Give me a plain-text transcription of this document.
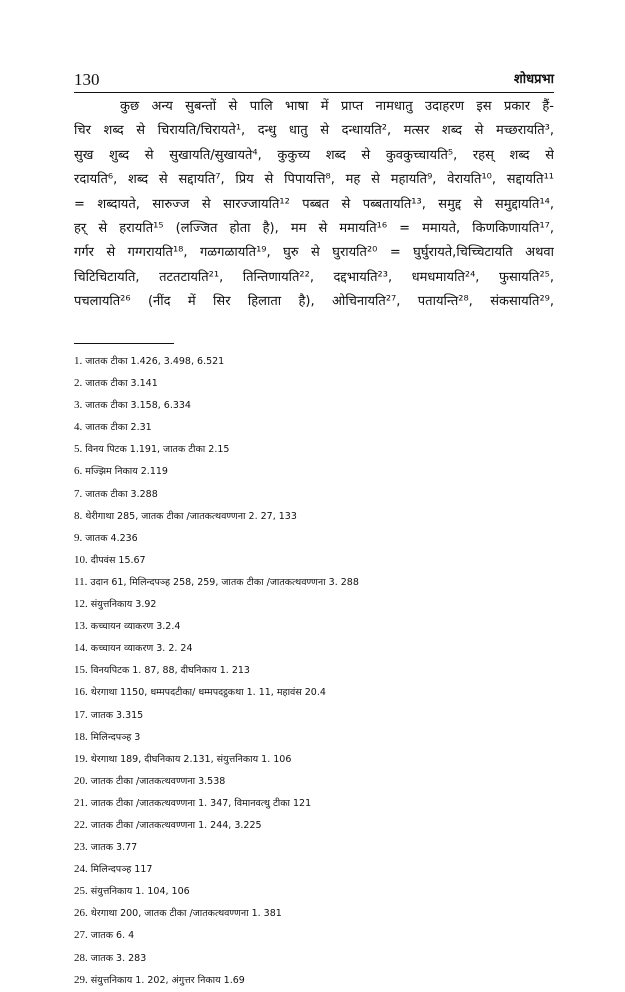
130	शोधप्रभा
कुछ अन्य सुबन्तों से पालि भाषा में प्राप्त नामधातु उदाहरण इस प्रकार हैं-
चिर शब्द से चिरायति/चिरायते¹, दन्धु धातु से दन्धायति², मत्सर शब्द से मच्छरायति³,
सुख शुब्द से सुखायति/सुखायते⁴, कुकुच्य शब्द से कुवकुच्चायति⁵, रहस् शब्द से
रदायति⁶, शब्द से सद्दायति⁷, प्रिय से पिपायत्ति⁸, मह से महायति⁹, वेरायति¹⁰, सद्दायति¹¹
= शब्दायते, सारुज्ज से सारज्जायति¹² पब्बत से पब्बतायति¹³, समुद्द से समुद्दायति¹⁴,
हर् से हरायति¹⁵ (लज्जित होता है), मम से ममायति¹⁶ = ममायते, किणकिणायति¹⁷,
गर्गर से गग्गरायति¹⁸, गळगळायति¹⁹, घुरु से घुरायति²⁰ = घुर्घुरायते,चिच्चिटायति अथवा
चिटिचिटायति, तटतटायति²¹, तिन्तिणायति²², दद्दभायति²³, धमधमायति²⁴, फुसायति²⁵,
पचलायति²⁶ (नींद में सिर हिलाता है), ओचिनायति²⁷, पतायन्ति²⁸, संकसायति²⁹,
1. जातक टीका 1.426, 3.498, 6.521
2. जातक टीका 3.141
3. जातक टीका 3.158, 6.334
4. जातक टीका 2.31
5. विनय पिटक 1.191, जातक टीका 2.15
6. मज्झिम निकाय 2.119
7. जातक टीका 3.288
8. थेरीगाथा 285, जातक टीका /जातकत्थवण्णना 2. 27, 133
9. जातक 4.236
10. दीपवंस 15.67
11. उदान 61, मिलिन्दपञ्ह 258, 259, जातक टीका /जातकत्थवण्णना 3. 288
12. संयुत्तनिकाय 3.92
13. कच्चायन व्याकरण 3.2.4
14. कच्चायन व्याकरण 3. 2. 24
15. विनयपिटक 1. 87, 88, दीघनिकाय 1. 213
16. थेरगाथा 1150, धम्मपदटीका/ धम्मपदट्ठकथा 1. 11, महावंस 20.4
17. जातक 3.315
18. मिलिन्दपञ्ह 3
19. थेरगाथा 189, दीघनिकाय 2.131, संयुत्तनिकाय 1. 106
20. जातक टीका /जातकत्थवण्णना 3.538
21. जातक टीका /जातकत्थवण्णना 1. 347, विमानवत्थु टीका 121
22. जातक टीका /जातकत्थवण्णना 1. 244, 3.225
23. जातक 3.77
24. मिलिन्दपञ्ह 117
25. संयुत्तनिकाय 1. 104, 106
26. थेरगाथा 200, जातक टीका /जातकत्थवण्णना 1. 381
27. जातक 6. 4
28. जातक 3. 283
29. संयुत्तनिकाय 1. 202, अंगुत्तर निकाय 1.69
